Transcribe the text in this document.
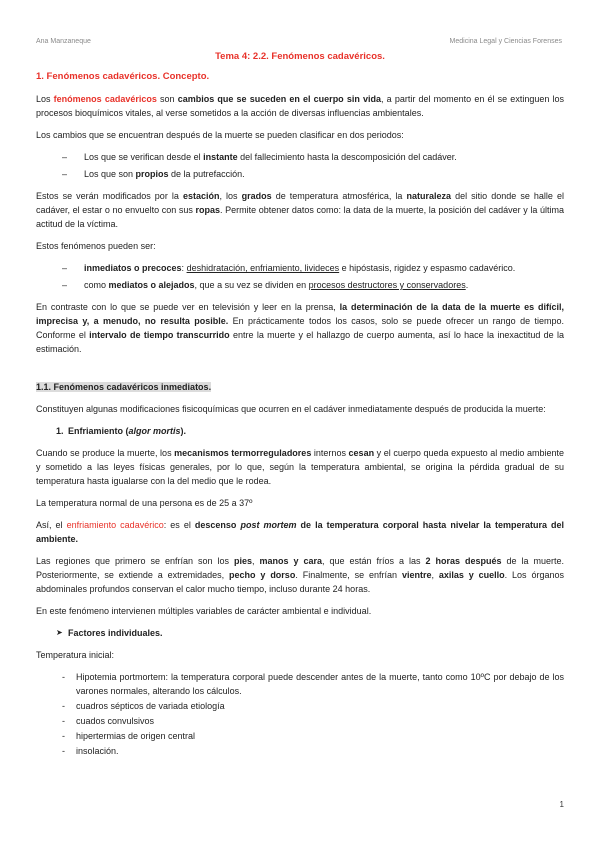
Ana Manzaneque	Medicina Legal y Ciencias Forenses
Tema 4: 2.2. Fenómenos cadavéricos.
1. Fenómenos cadavéricos. Concepto.

Los fenómenos cadavéricos son cambios que se suceden en el cuerpo sin vida, a partir del momento en él se extinguen los procesos bioquímicos vitales, al verse sometidos a la acción de diversas influencias ambientales.

Los cambios que se encuentran después de la muerte se pueden clasificar en dos periodos:

– Los que se verifican desde el instante del fallecimiento hasta la descomposición del cadáver.
– Los que son propios de la putrefacción.

Estos se verán modificados por la estación, los grados de temperatura atmosférica, la naturaleza del sitio donde se halle el cadáver, el estar o no envuelto con sus ropas. Permite obtener datos como: la data de la muerte, la posición del cadáver y la última actitud de la víctima.

Estos fenómenos pueden ser:

– inmediatos o precoces: deshidratación, enfriamiento, livideces e hipóstasis, rigidez y espasmo cadavérico.
– como mediatos o alejados, que a su vez se dividen en procesos destructores y conservadores.

En contraste con lo que se puede ver en televisión y leer en la prensa, la determinación de la data de la muerte es difícil, imprecisa y, a menudo, no resulta posible. En prácticamente todos los casos, solo se puede ofrecer un rango de tiempo. Conforme el intervalo de tiempo transcurrido entre la muerte y el hallazgo de cuerpo aumenta, así lo hace la inexactitud de la estimación.

1.1. Fenómenos cadavéricos inmediatos.

Constituyen algunas modificaciones fisicoquímicas que ocurren en el cadáver inmediatamente después de producida la muerte:

1. Enfriamiento (algor mortis).

Cuando se produce la muerte, los mecanismos termorreguladores internos cesan y el cuerpo queda expuesto al medio ambiente y sometido a las leyes físicas generales, por lo que, según la temperatura ambiental, se origina la pérdida gradual de su temperatura hasta igualarse con la del medio que le rodea.

La temperatura normal de una persona es de 25 a 37º

Así, el enfriamiento cadavérico: es el descenso post mortem de la temperatura corporal hasta nivelar la temperatura del ambiente.

Las regiones que primero se enfrían son los pies, manos y cara, que están fríos a las 2 horas después de la muerte. Posteriormente, se extiende a extremidades, pecho y dorso. Finalmente, se enfrían vientre, axilas y cuello. Los órganos abdominales profundos conservan el calor mucho tiempo, incluso durante 24 horas.

En este fenómeno intervienen múltiples variables de carácter ambiental e individual.

➤ Factores individuales.

Temperatura inicial:

- Hipotemia portmortem: la temperatura corporal puede descender antes de la muerte, tanto como 10ºC por debajo de los varones normales, alterando los cálculos.
- cuadros sépticos de variada etiología
- cuados convulsivos
- hipertermias de origen central
- insolación.
1
